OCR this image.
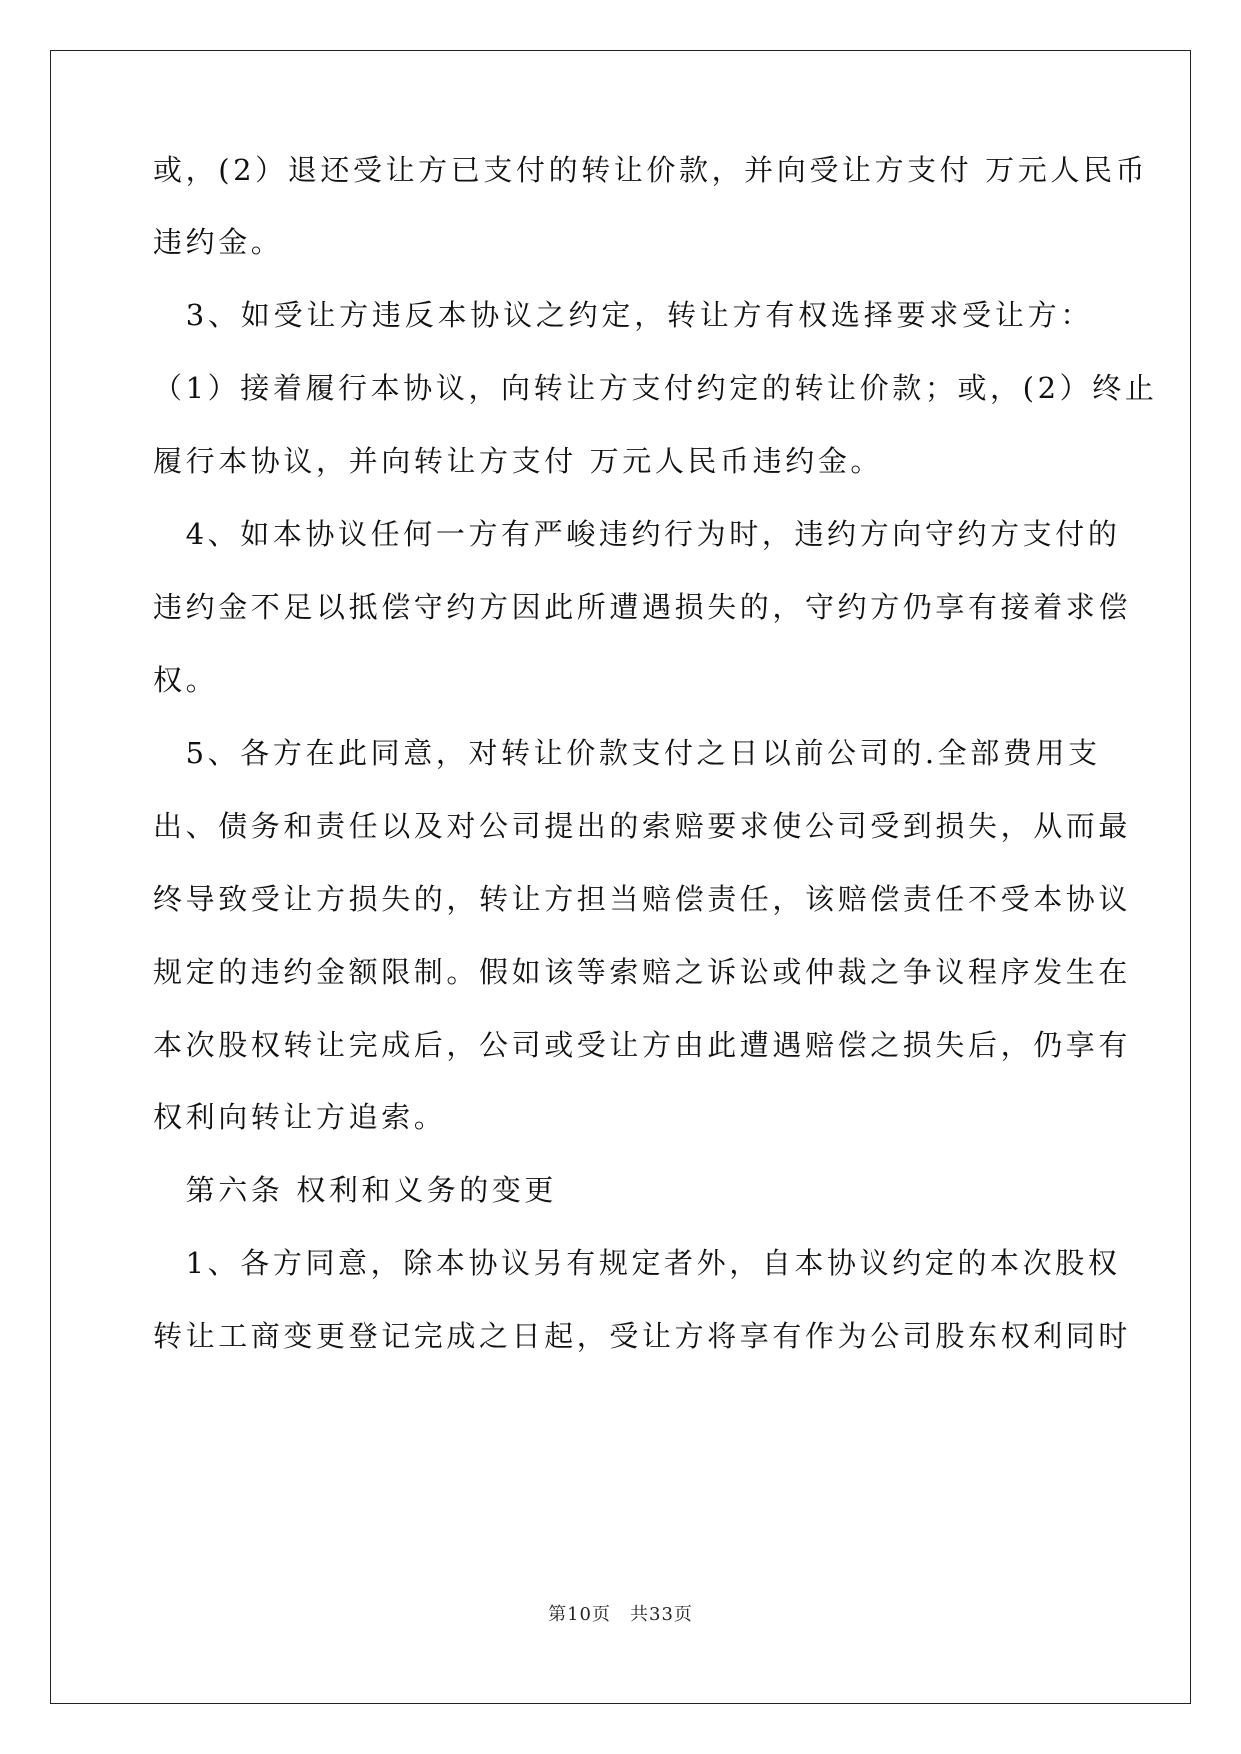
或，(2）退还受让方已支付的转让价款，并向受让方支付 万元人民币
违约金。
　3、如受让方违反本协议之约定，转让方有权选择要求受让方：
（1）接着履行本协议，向转让方支付约定的转让价款；或，(2）终止
履行本协议，并向转让方支付 万元人民币违约金。
　4、如本协议任何一方有严峻违约行为时，违约方向守约方支付的
违约金不足以抵偿守约方因此所遭遇损失的，守约方仍享有接着求偿
权。
　5、各方在此同意，对转让价款支付之日以前公司的.全部费用支
出、债务和责任以及对公司提出的索赔要求使公司受到损失，从而最
终导致受让方损失的，转让方担当赔偿责任，该赔偿责任不受本协议
规定的违约金额限制。假如该等索赔之诉讼或仲裁之争议程序发生在
本次股权转让完成后，公司或受让方由此遭遇赔偿之损失后，仍享有
权利向转让方追索。
　第六条 权利和义务的变更
　1、各方同意，除本协议另有规定者外，自本协议约定的本次股权
转让工商变更登记完成之日起，受让方将享有作为公司股东权利同时
第10页　共33页
